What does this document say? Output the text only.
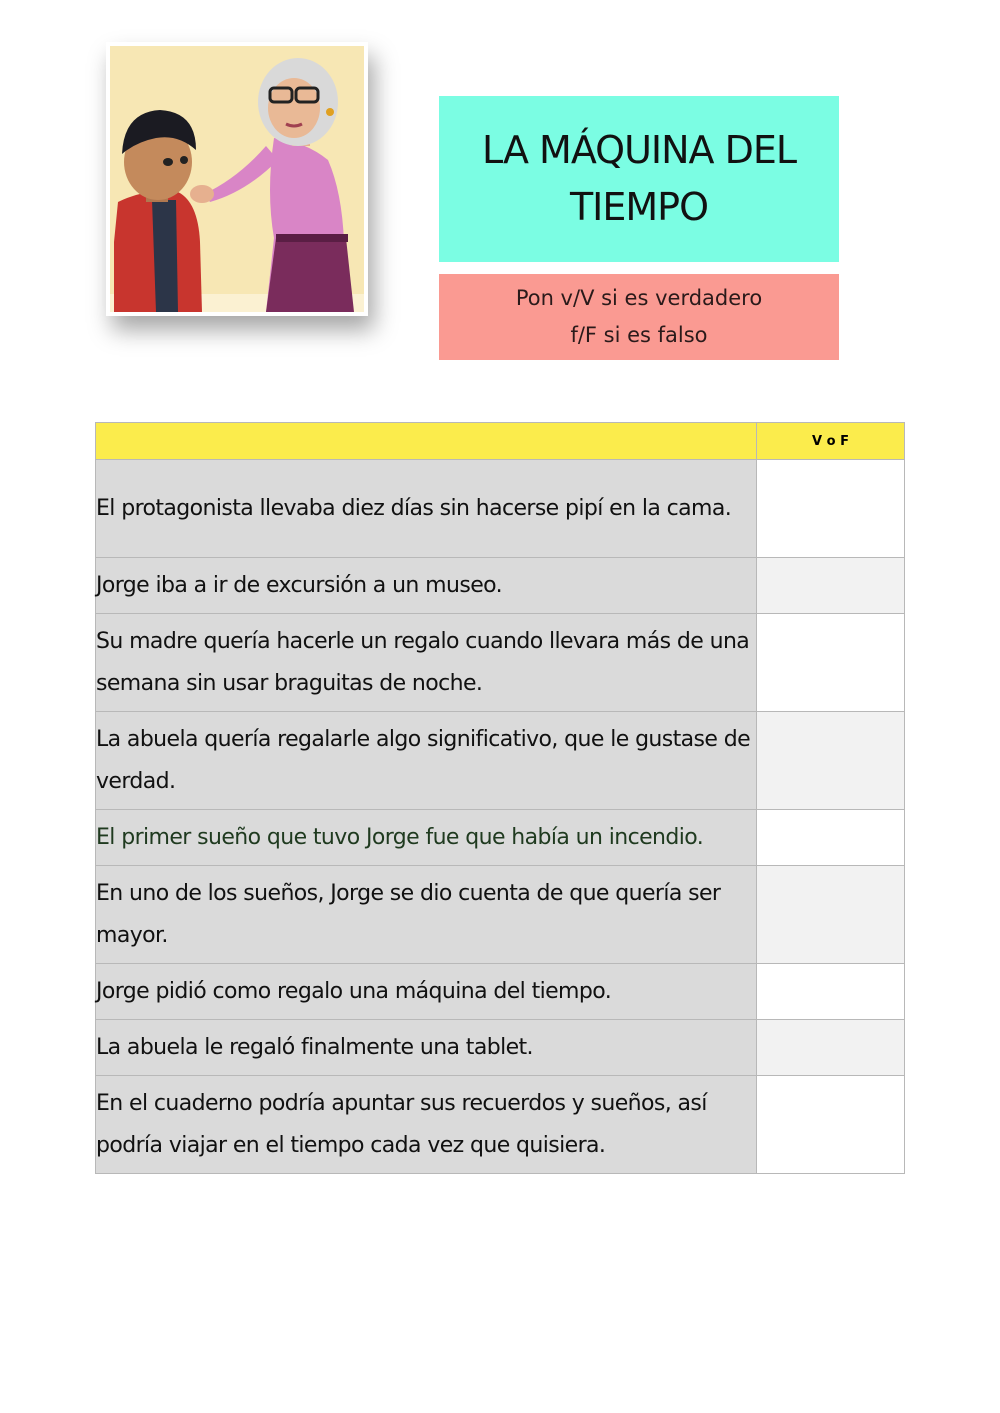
LA MÁQUINA DEL
TIEMPO
Pon v/V si es verdadero
f/F si es falso
	V o F
El protagonista llevaba diez días sin hacerse pipí en la cama.	
Jorge iba a ir de excursión a un museo.	
Su madre quería hacerle un regalo cuando llevara más de una semana sin usar braguitas de noche.	
La abuela quería regalarle algo significativo, que le gustase de verdad.	
El primer sueño que tuvo Jorge fue que había un incendio.	
En uno de los sueños, Jorge se dio cuenta de que quería ser mayor.	
Jorge pidió como regalo una máquina del tiempo.	
La abuela le regaló finalmente una tablet.	
En el cuaderno podría apuntar sus recuerdos y sueños, así podría viajar en el tiempo cada vez que quisiera.	
